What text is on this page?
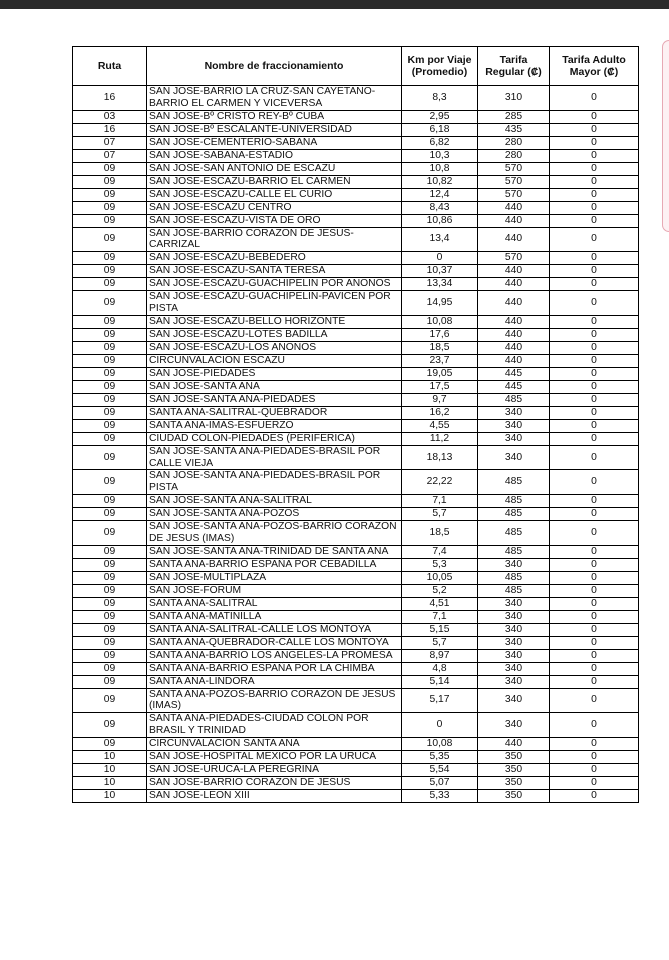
Ruta	Nombre de fraccionamiento	Km por Viaje (Promedio)	Tarifa Regular (₡)	Tarifa Adulto Mayor (₡)
16	SAN JOSE-BARRIO LA CRUZ-SAN CAYETANO-BARRIO EL CARMEN Y VICEVERSA	8,3	310	0
03	SAN JOSE-Bº CRISTO REY-Bº CUBA	2,95	285	0
16	SAN JOSE-Bº ESCALANTE-UNIVERSIDAD	6,18	435	0
07	SAN JOSE-CEMENTERIO-SABANA	6,82	280	0
07	SAN JOSE-SABANA-ESTADIO	10,3	280	0
09	SAN JOSE-SAN ANTONIO DE ESCAZU	10,8	570	0
09	SAN JOSE-ESCAZU-BARRIO EL CARMEN	10,82	570	0
09	SAN JOSE-ESCAZU-CALLE EL CURIO	12,4	570	0
09	SAN JOSE-ESCAZU CENTRO	8,43	440	0
09	SAN JOSE-ESCAZU-VISTA DE ORO	10,86	440	0
09	SAN JOSE-BARRIO CORAZON DE JESUS-CARRIZAL	13,4	440	0
09	SAN JOSE-ESCAZU-BEBEDERO	0	570	0
09	SAN JOSE-ESCAZU-SANTA TERESA	10,37	440	0
09	SAN JOSE-ESCAZU-GUACHIPELIN POR ANONOS	13,34	440	0
09	SAN JOSE-ESCAZU-GUACHIPELIN-PAVICEN POR PISTA	14,95	440	0
09	SAN JOSE-ESCAZU-BELLO HORIZONTE	10,08	440	0
09	SAN JOSE-ESCAZU-LOTES BADILLA	17,6	440	0
09	SAN JOSE-ESCAZU-LOS ANONOS	18,5	440	0
09	CIRCUNVALACION ESCAZU	23,7	440	0
09	SAN JOSE-PIEDADES	19,05	445	0
09	SAN JOSE-SANTA ANA	17,5	445	0
09	SAN JOSE-SANTA ANA-PIEDADES	9,7	485	0
09	SANTA ANA-SALITRAL-QUEBRADOR	16,2	340	0
09	SANTA ANA-IMAS-ESFUERZO	4,55	340	0
09	CIUDAD COLON-PIEDADES (PERIFERICA)	11,2	340	0
09	SAN JOSE-SANTA ANA-PIEDADES-BRASIL POR CALLE VIEJA	18,13	340	0
09	SAN JOSE-SANTA ANA-PIEDADES-BRASIL POR PISTA	22,22	485	0
09	SAN JOSE-SANTA ANA-SALITRAL	7,1	485	0
09	SAN JOSE-SANTA ANA-POZOS	5,7	485	0
09	SAN JOSE-SANTA ANA-POZOS-BARRIO CORAZON DE JESUS (IMAS)	18,5	485	0
09	SAN JOSE-SANTA ANA-TRINIDAD DE SANTA ANA	7,4	485	0
09	SANTA ANA-BARRIO ESPAÑA POR CEBADILLA	5,3	340	0
09	SAN JOSE-MULTIPLAZA	10,05	485	0
09	SAN JOSE-FORUM	5,2	485	0
09	SANTA ANA-SALITRAL	4,51	340	0
09	SANTA ANA-MATINILLA	7,1	340	0
09	SANTA ANA-SALITRAL-CALLE LOS MONTOYA	5,15	340	0
09	SANTA ANA-QUEBRADOR-CALLE LOS MONTOYA	5,7	340	0
09	SANTA ANA-BARRIO LOS ANGELES-LA PROMESA	8,97	340	0
09	SANTA ANA-BARRIO ESPAÑA POR LA CHIMBA	4,8	340	0
09	SANTA ANA-LINDORA	5,14	340	0
09	SANTA ANA-POZOS-BARRIO CORAZON DE JESUS (IMAS)	5,17	340	0
09	SANTA ANA-PIEDADES-CIUDAD COLON POR BRASIL Y TRINIDAD	0	340	0
09	CIRCUNVALACION SANTA ANA	10,08	440	0
10	SAN JOSE-HOSPITAL MEXICO POR LA URUCA	5,35	350	0
10	SAN JOSE-URUCA-LA PEREGRINA	5,54	350	0
10	SAN JOSE-BARRIO CORAZON DE JESUS	5,07	350	0
10	SAN JOSE-LEON XIII	5,33	350	0
